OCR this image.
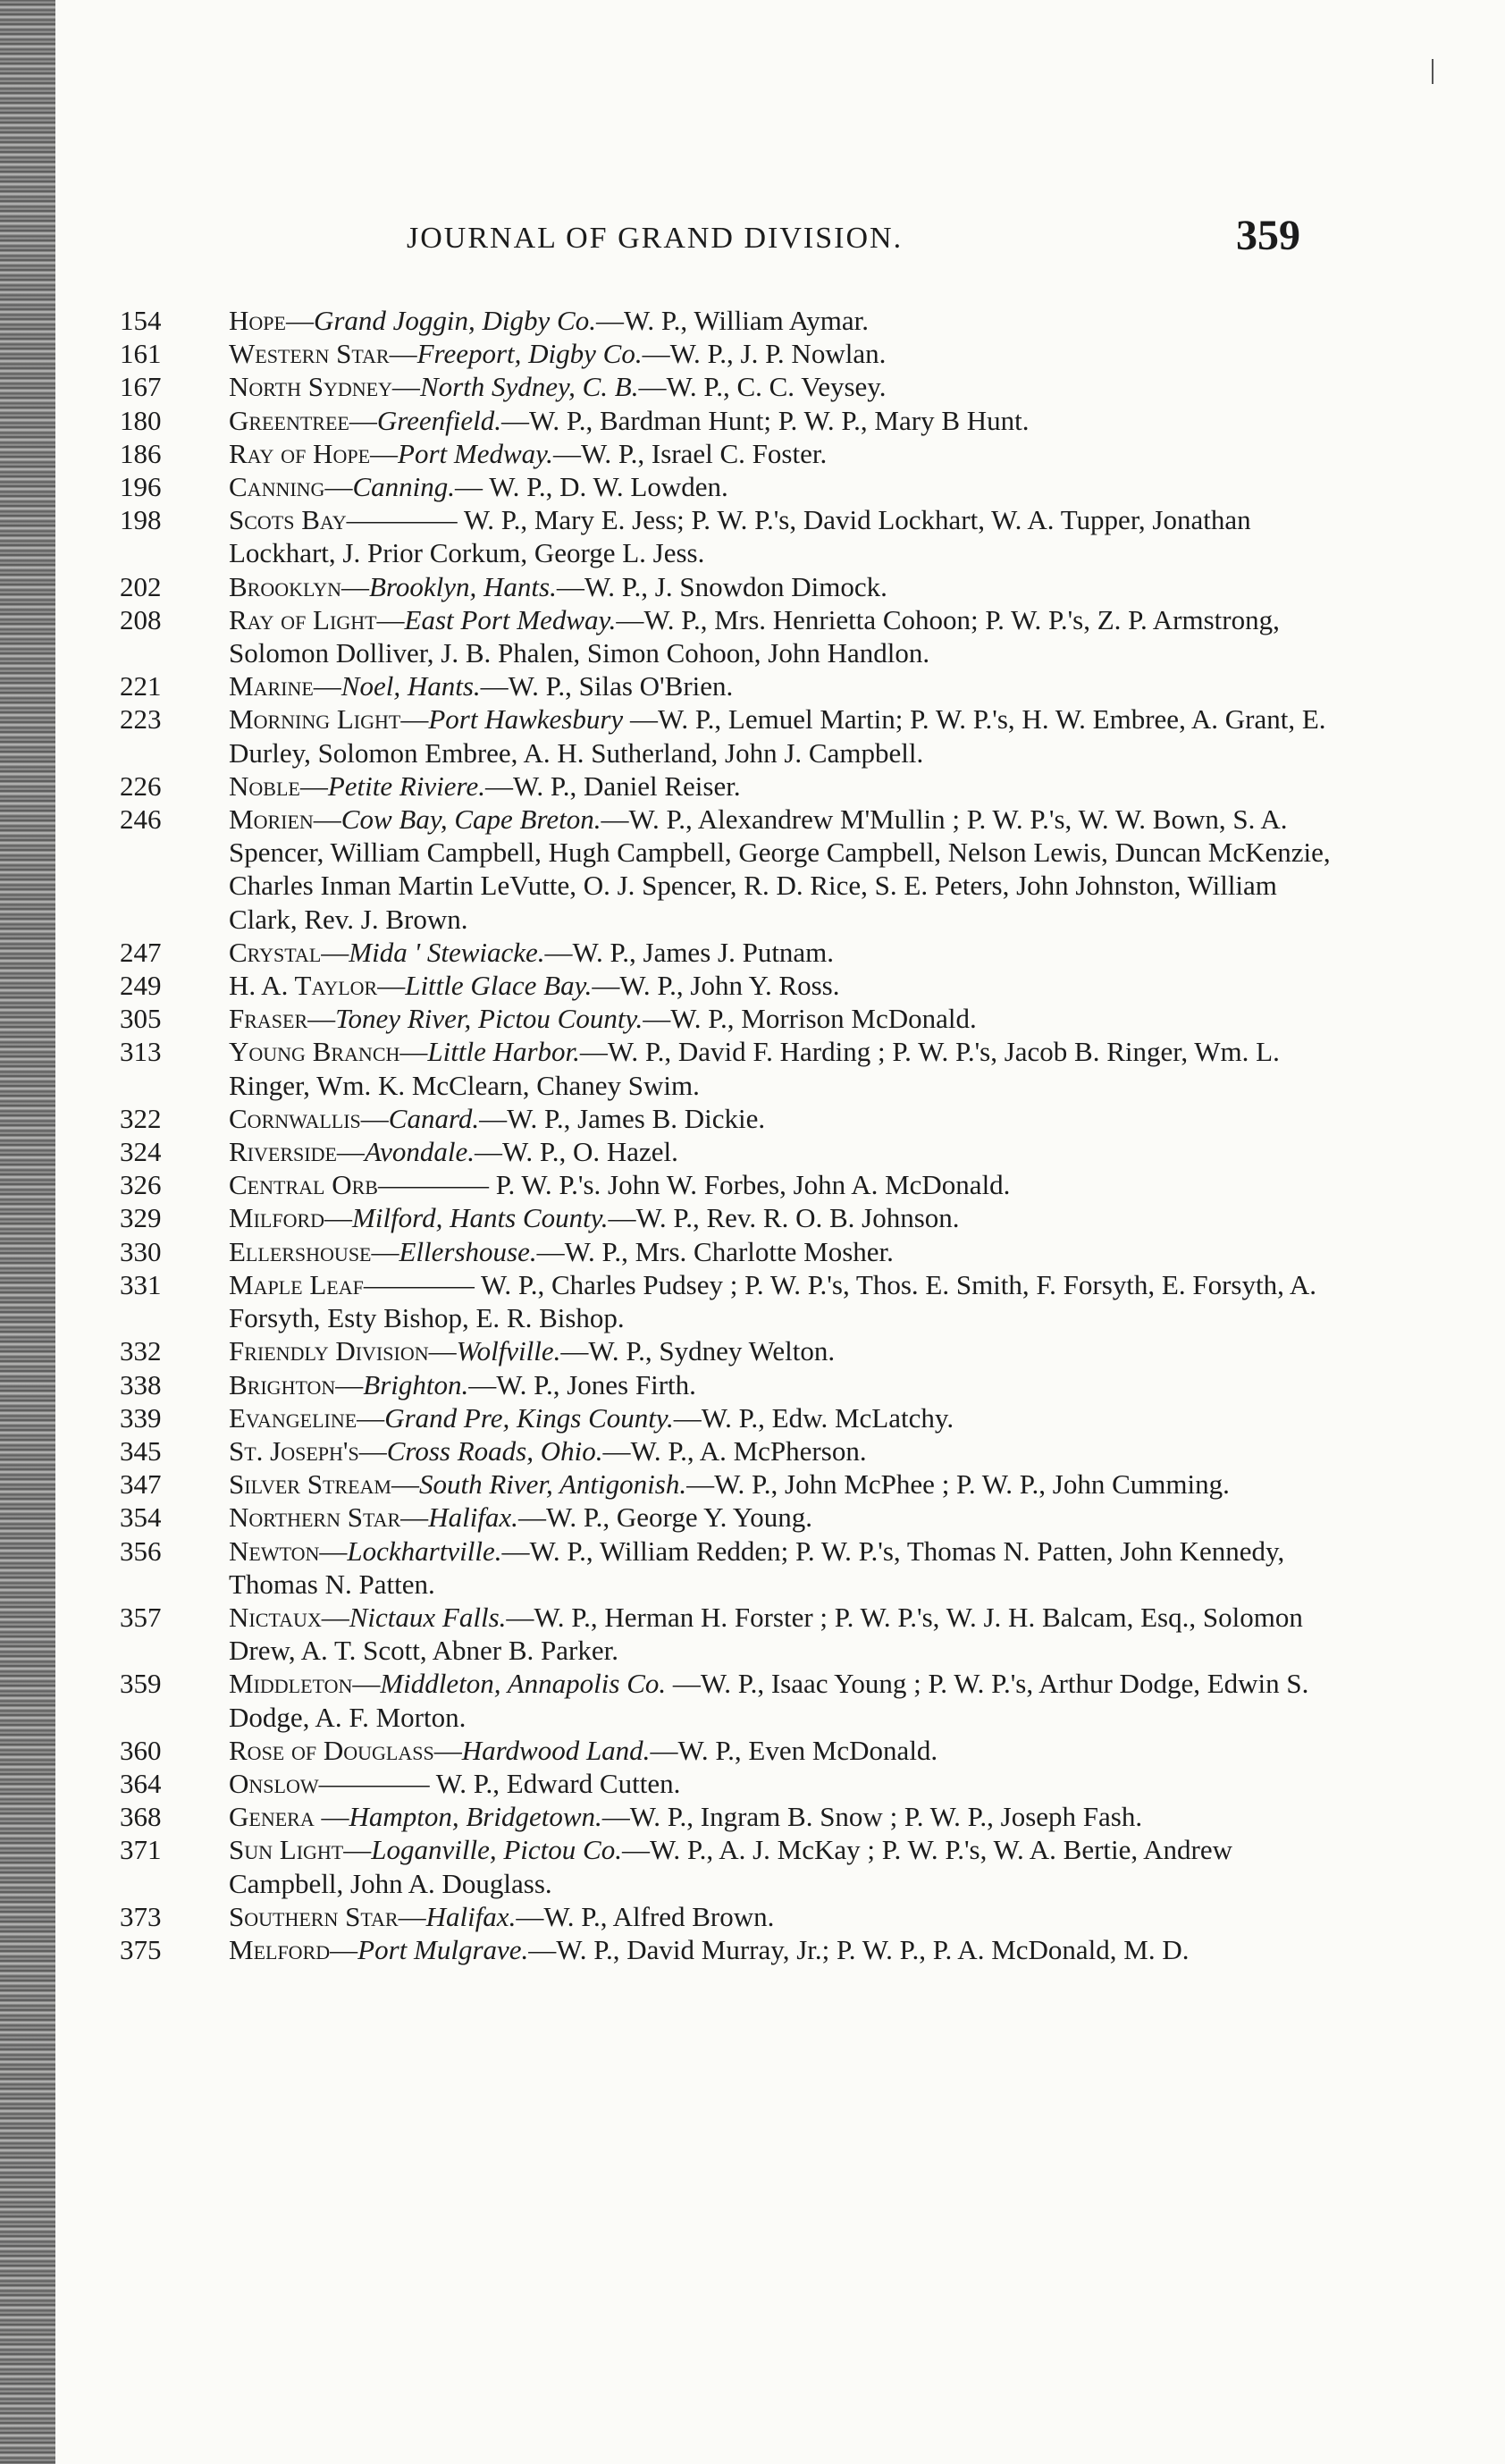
JOURNAL OF GRAND DIVISION.	359
154	Hope—Grand Joggin, Digby Co.—W. P., William Aymar.
161	Western Star—Freeport, Digby Co.—W. P., J. P. Nowlan.
167	North Sydney—North Sydney, C. B.—W. P., C. C. Veysey.
180	Greentree—Greenfield.—W. P., Bardman Hunt; P. W. P., Mary B Hunt.
186	Ray of Hope—Port Medway.—W. P., Israel C. Foster.
196	Canning—Canning.— W. P., D. W. Lowden.
198	Scots Bay———— W. P., Mary E. Jess; P. W. P.'s, David Lockhart, W. A. Tupper, Jonathan Lockhart, J. Prior Corkum, George L. Jess.
202	Brooklyn—Brooklyn, Hants.—W. P., J. Snowdon Dimock.
208	Ray of Light—East Port Medway.—W. P., Mrs. Henrietta Cohoon; P. W. P.'s, Z. P. Armstrong, Solomon Dolliver, J. B. Phalen, Simon Cohoon, John Handlon.
221	Marine—Noel, Hants.—W. P., Silas O'Brien.
223	Morning Light—Port Hawkesbury —W. P., Lemuel Martin; P. W. P.'s, H. W. Embree, A. Grant, E. Durley, Solomon Embree, A. H. Sutherland, John J. Campbell.
226	Noble—Petite Riviere.—W. P., Daniel Reiser.
246	Morien—Cow Bay, Cape Breton.—W. P., Alexandrew M'Mullin ; P. W. P.'s, W. W. Bown, S. A. Spencer, William Campbell, Hugh Campbell, George Campbell, Nelson Lewis, Duncan McKenzie, Charles Inman Martin LeVutte, O. J. Spencer, R. D. Rice, S. E. Peters, John Johnston, William Clark, Rev. J. Brown.
247	Crystal—Mida ' Stewiacke.—W. P., James J. Putnam.
249	H. A. Taylor—Little Glace Bay.—W. P., John Y. Ross.
305	Fraser—Toney River, Pictou County.—W. P., Morrison McDonald.
313	Young Branch—Little Harbor.—W. P., David F. Harding ; P. W. P.'s, Jacob B. Ringer, Wm. L. Ringer, Wm. K. McClearn, Chaney Swim.
322	Cornwallis—Canard.—W. P., James B. Dickie.
324	Riverside—Avondale.—W. P., O. Hazel.
326	Central Orb———— P. W. P.'s. John W. Forbes, John A. McDonald.
329	Milford—Milford, Hants County.—W. P., Rev. R. O. B. Johnson.
330	Ellershouse—Ellershouse.—W. P., Mrs. Charlotte Mosher.
331	Maple Leaf———— W. P., Charles Pudsey ; P. W. P.'s, Thos. E. Smith, F. Forsyth, E. Forsyth, A. Forsyth, Esty Bishop, E. R. Bishop.
332	Friendly Division—Wolfville.—W. P., Sydney Welton.
338	Brighton—Brighton.—W. P., Jones Firth.
339	Evangeline—Grand Pre, Kings County.—W. P., Edw. McLatchy.
345	St. Joseph's—Cross Roads, Ohio.—W. P., A. McPherson.
347	Silver Stream—South River, Antigonish.—W. P., John McPhee ; P. W. P., John Cumming.
354	Northern Star—Halifax.—W. P., George Y. Young.
356	Newton—Lockhartville.—W. P., William Redden; P. W. P.'s, Thomas N. Patten, John Kennedy, Thomas N. Patten.
357	Nictaux—Nictaux Falls.—W. P., Herman H. Forster ; P. W. P.'s, W. J. H. Balcam, Esq., Solomon Drew, A. T. Scott, Abner B. Parker.
359	Middleton—Middleton, Annapolis Co. —W. P., Isaac Young ; P. W. P.'s, Arthur Dodge, Edwin S. Dodge, A. F. Morton.
360	Rose of Douglass—Hardwood Land.—W. P., Even McDonald.
364	Onslow———— W. P., Edward Cutten.
368	Genera —Hampton, Bridgetown.—W. P., Ingram B. Snow ; P. W. P., Joseph Fash.
371	Sun Light—Loganville, Pictou Co.—W. P., A. J. McKay ; P. W. P.'s, W. A. Bertie, Andrew Campbell, John A. Douglass.
373	Southern Star—Halifax.—W. P., Alfred Brown.
375	Melford—Port Mulgrave.—W. P., David Murray, Jr.; P. W. P., P. A. McDonald, M. D.
